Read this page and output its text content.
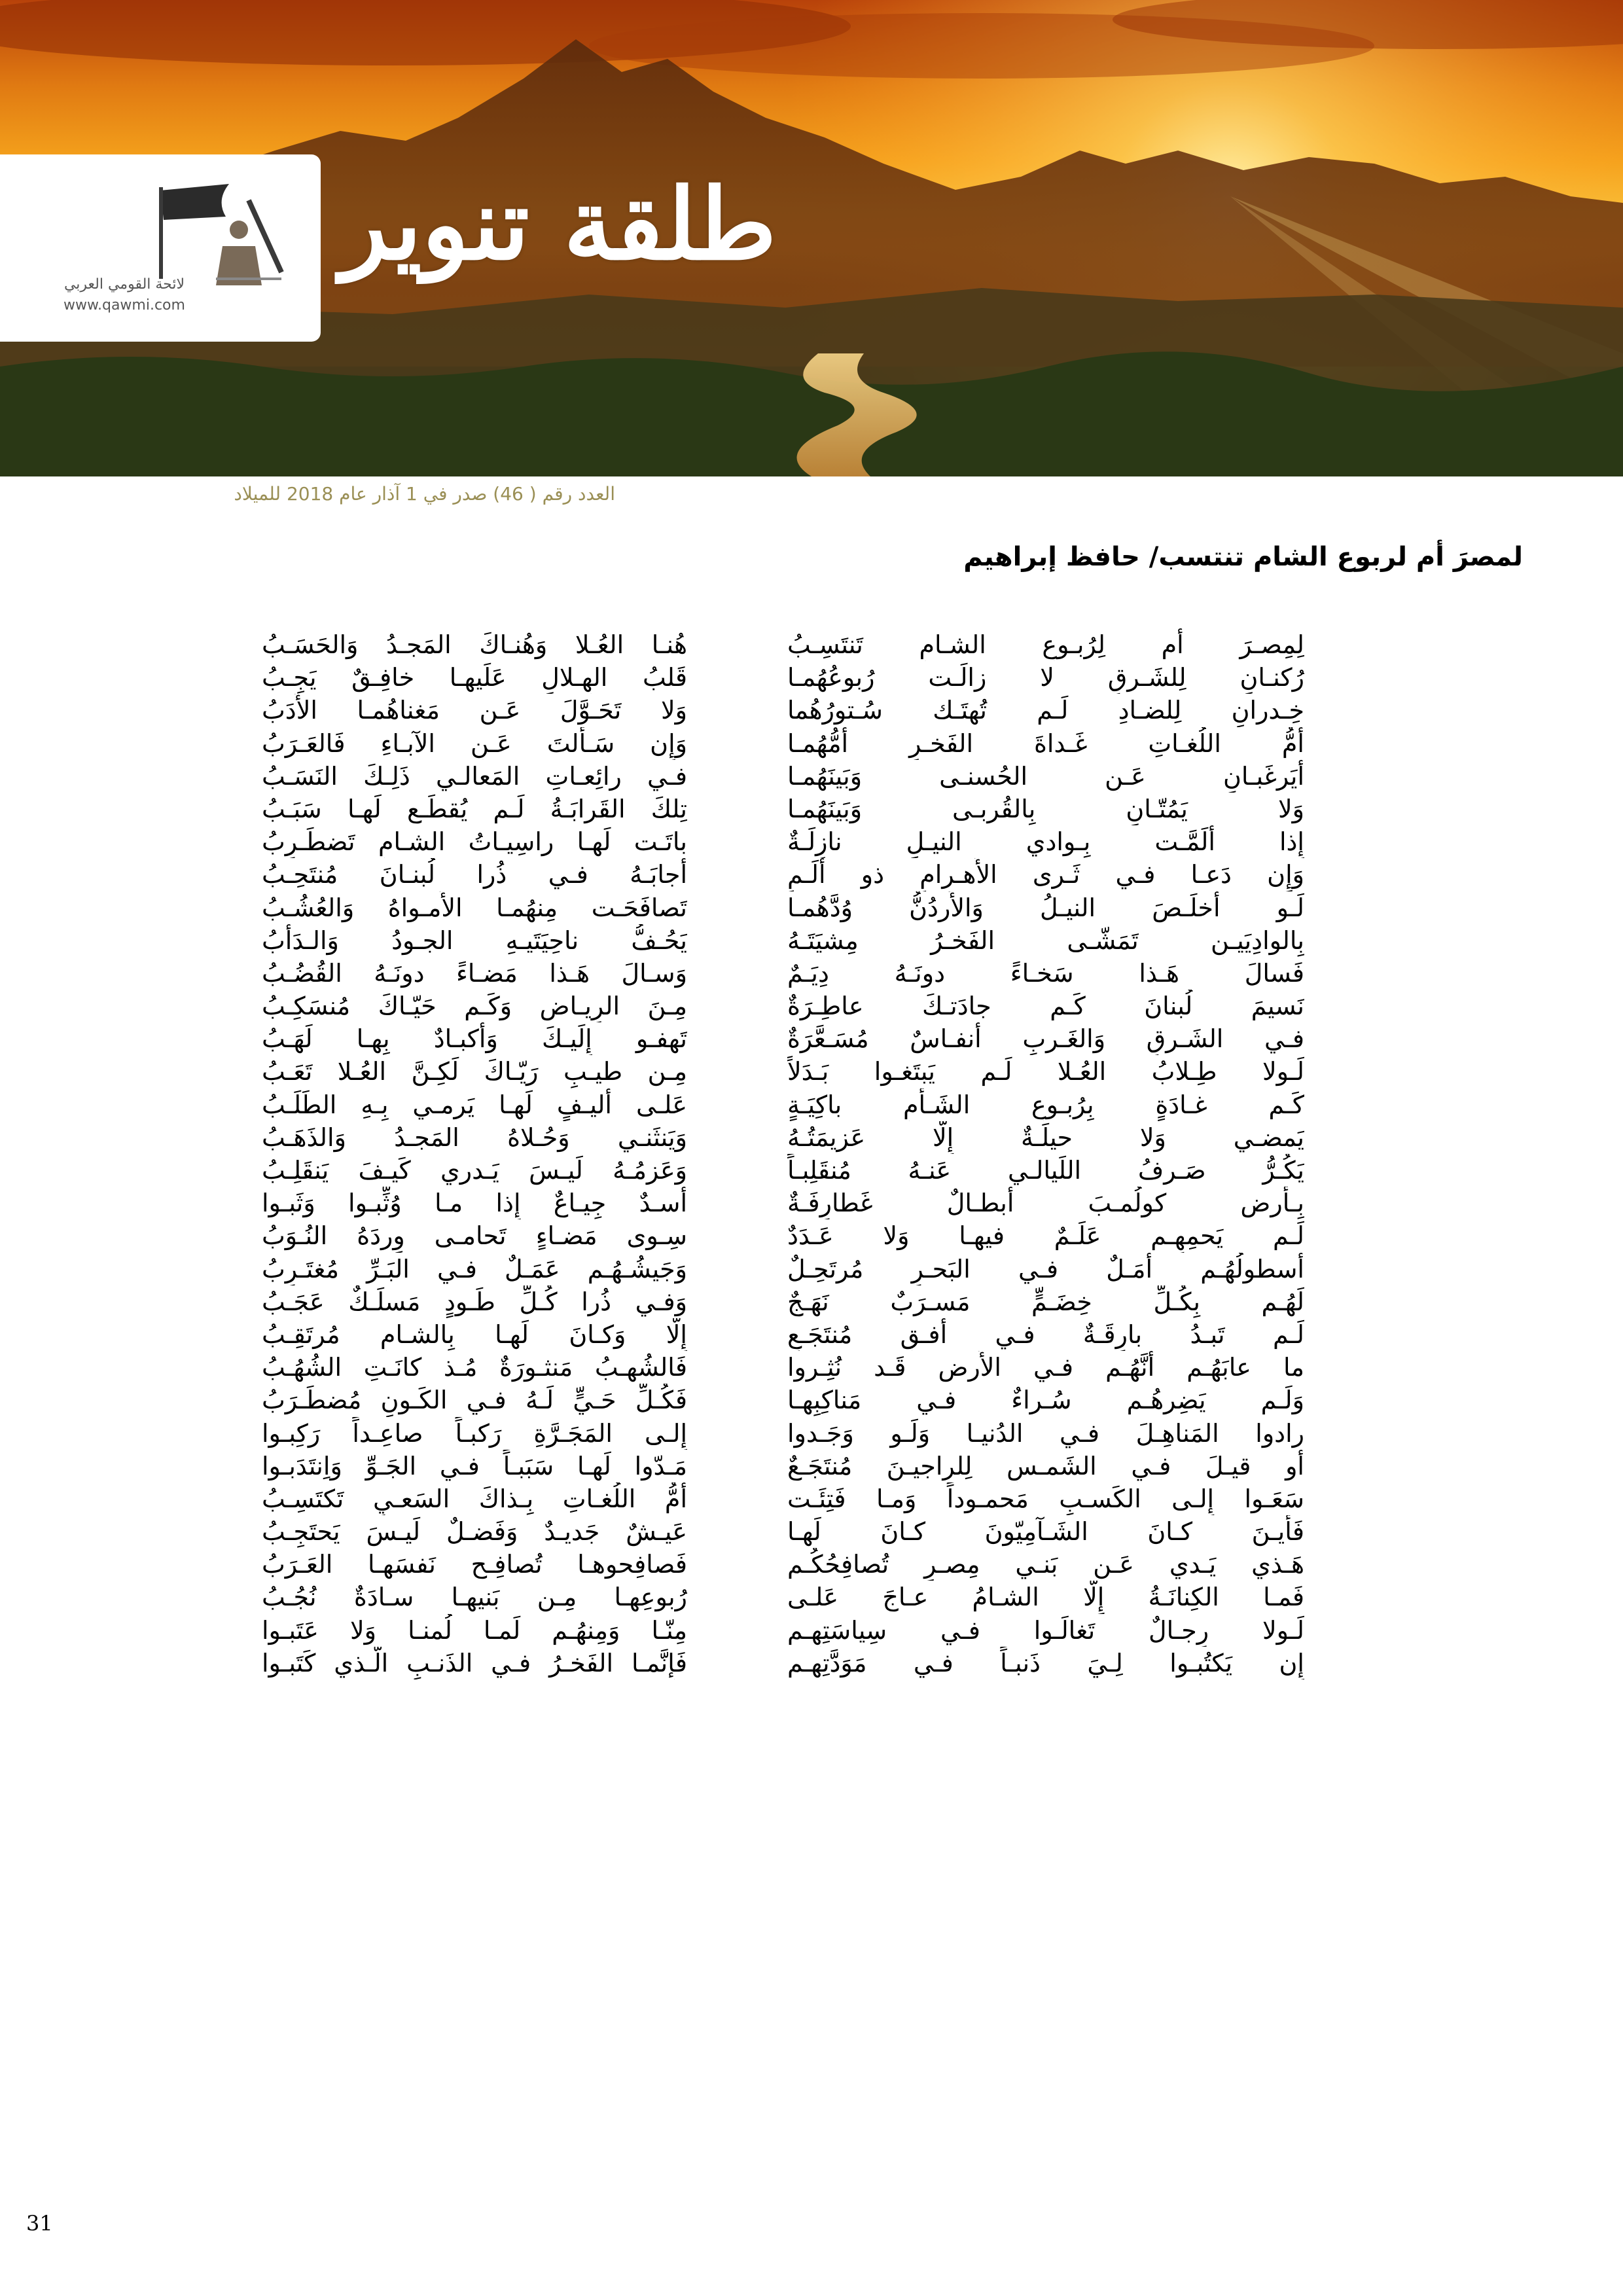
لائحة القومي العربي
www.qawmi.com
طلقة تنوير
العدد رقم ( 46) صدر في 1 آذار عام 2018 للميلاد
لمصرَ أم لربوع الشام تنتسب/ حافظ إبراهيم
لِمِصـرَ أَم لِرُبـوعِ الشـامِ تَنتَسِـبُ
رُكنـانِ لِلشَـرقِ لا زالَـت رُبوعُهُمـا
خِـدرانِ لِلضـادِ لَـم تُهتَـك سُـتورُهُما
أُمُّ اللُغـاتِ غَـداةَ الفَخـرِ أُمُّهُمـا
أَيَرغَبـانِ عَـنِ الحُسنـى وَبَينَهُمـا
وَلا يَمُتّـانِ بِالقُربـى وَبَينَهُمـا
إِذا أَلَمَّـت بِـوادي النيـلِ نازِلَـةٌ
وَإِن دَعـا فـي ثَـرى الأَهـرامِ ذو أَلَـمٍ
لَـو أَخلَـصَ النيـلُ وَالأُردُنُّ وُدَّهُمـا
بِالوادِيَيـنِ تَمَشّـى الفَخـرُ مِشيَتَـهُ
فَسالَ هَـذا سَخـاءً دونَـهُ دِيَـمٌ
نَسيمَ لُبنانَ كَـم جادَتـكَ عاطِـرَةٌ
فـي الشَـرقِ وَالغَـربِ أَنفـاسٌ مُسَـعَّرَةٌ
لَـولا طِـلابُ العُـلا لَـم يَبتَغـوا بَـدَلاً
كَـم غـادَةٍ بِرُبـوعِ الشَـأمِ باكِيَـةٍ
يَمضـي وَلا حيلَـةٌ إِلّا عَزيمَتُـهُ
يَكُـرُّ صَـرفُ اللَيالـي عَنـهُ مُنقَلِبـاً
بِـأَرضِ كولُمـبَ أَبطـالٌ غَطارِفَـةٌ
لَـم يَحمِهِـم عَلَـمٌ فيهـا وَلا عَـدَدٌ
أُسطولُهُـم أَمَـلٌ فـي البَحـرِ مُرتَحِـلٌ
لَهُـم بِكُـلِّ خِضَـمٍّ مَسـرَبٌ نَهَـجٌ
لَـم تَبـدُ بارِقَـةٌ فـي أُفـقِ مُنتَجَـعٍ
ما عابَهُـم أَنَّهُـم فـي الأَرضِ قَـد نُثِـروا
وَلَـم يَضِرهُـم سُـراءٌ فـي مَناكِبِهـا
رادوا المَناهِـلَ فـي الدُنيـا وَلَـو وَجَـدوا
أَو قيـلَ فـي الشَمـسِ لِلراجيـنَ مُنتَجَـعٌ
سَعَـوا إِلـى الكَسـبِ مَحمـوداً وَمـا فَتِئَـت
فَأَيـنَ كـانَ الشَـآمِيّونَ كـانَ لَهـا
هَـذي يَـدي عَـن بَنـي مِصـرٍ تُصافِحُكُـم
فَمـا الكِنانَـةُ إِلّا الشـامُ عـاجَ عَلـى
لَـولا رِجـالٌ تَغالَـوا فـي سِياسَتِهِـم
إِن يَكتُبـوا لِـيَ ذَنبـاً فـي مَوَدَّتِهِـم
هُنـا العُـلا وَهُنـاكَ المَجـدُ وَالحَسَـبُ
قَلبُ الهِـلالِ عَلَيهـا خافِـقٌ يَجِـبُ
وَلا تَحَـوَّلَ عَـن مَغناهُمـا الأَدَبُ
وَإِن سَـأَلتَ عَـنِ الآبـاءِ فَالعَـرَبُ
فـي رائِعـاتِ المَعالـي ذَلِـكَ النَسَـبُ
تِلكَ القَرابَـةُ لَـم يُقطَـع لَهـا سَبَـبُ
باتَـت لَهـا راسِيـاتُ الشـامِ تَضطَـرِبُ
أَجابَـهُ فـي ذُرا لُبنـانَ مُنتَحِـبُ
تَصافَحَـت مِنهُمـا الأَمـواهُ وَالعُشُـبُ
يَحُـفُّ ناحِيَتَيـهِ الجـودُ وَالـدَأَبُ
وَسـالَ هَـذا مَضـاءً دونَـهُ القُضُـبُ
مِـنَ الرِيـاضِ وَكَـم حَيّـاكَ مُنسَكِـبُ
تَهفـو إِلَيـكَ وَأَكبـادٌ بِهـا لَهَـبُ
مِـن طيـبِ رَيّـاكَ لَكِـنَّ العُـلا تَعَـبُ
عَلـى أَليـفٍ لَهـا يَرمـي بِـهِ الطَلَـبُ
وَيَنثَنـي وَحُـلاهُ المَجـدُ وَالذَهَـبُ
وَعَزمُـهُ لَيـسَ يَـدري كَيـفَ يَنقَلِـبُ
أُسـدٌ جِيـاعٌ إِذا مـا وُثِّبـوا وَثَبـوا
سِـوى مَضـاءٍ تَحامـى وِردَهُ النُـوَبُ
وَجَيشُـهُـم عَمَـلٌ فـي البَـرِّ مُغتَـرِبُ
وَفـي ذُرا كُـلِّ طَـودٍ مَسلَـكٌ عَجَـبُ
إِلّا وَكـانَ لَهـا بِالشـامِ مُرتَقِـبُ
فَالشُهـبُ مَنثـورَةٌ مُـذ كانَـتِ الشُهُـبُ
فَكُـلِّ حَـيٍّ لَـهُ فـي الكَـونِ مُضطَـرَبُ
إِلـى المَجَـرَّةِ رَكبـاً صاعِـداً رَكِبـوا
مَـدّوا لَهـا سَبَبـاً فـي الجَـوِّ وَاِنتَدَبـوا
أُمُّ اللُغـاتِ بِـذاكَ السَعـيِ تَكتَسِـبُ
عَيـشٌ جَديـدٌ وَفَضـلٌ لَيـسَ يَحتَجِـبُ
فَصافِحوهـا تُصافِـح نَفسَهـا العَـرَبُ
رُبوعِهـا مِـن بَنيهـا سـادَةٌ نُجُـبُ
مِنّـا وَمِنهُـم لَمـا لُمنـا وَلا عَتَبـوا
فَإِنَّمـا الفَخـرُ فـي الذَنـبِ الَّـذي كَتَبـوا
31
